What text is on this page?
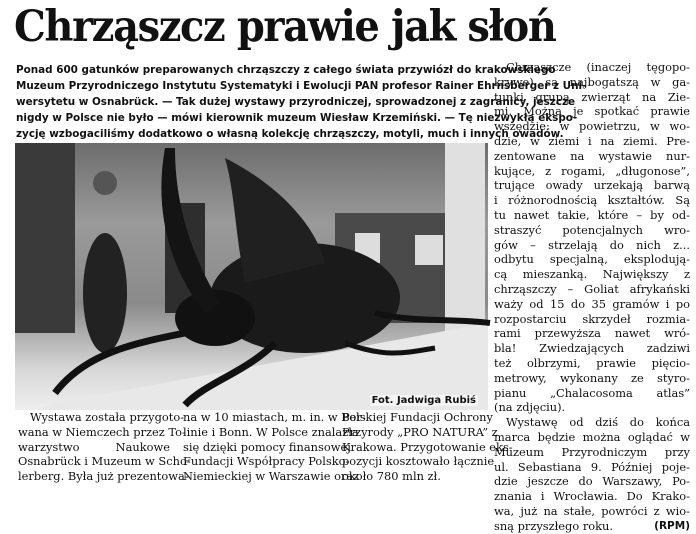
Chrząszcz prawie jak słoń
Ponad 600 gatunków preparowanych chrząszczy z całego świata przywiózł do krakowskiego
Muzeum Przyrodniczego Instytutu Systematyki i Ewolucji PAN profesor Rainer Ehrnsberger z Uni-
wersytetu w Osnabrück. — Tak dużej wystawy przyrodniczej, sprowadzonej z zagranicy, jeszcze
nigdy w Polsce nie było — mówi kierownik muzeum Wiesław Krzemiński. — Tę niezwykłą ekspo-
zycję wzbogaciliśmy dodatkowo o własną kolekcję chrząszczy, motyli, much i innych owadów.
Fot. Jadwiga Rubiś
Chrząszcze (inaczej tęgopo-
krywe) są najbogatszą w ga-
tunki grupą zwierząt na Zie-
mi. Można je spotkać prawie
wszędzie: w powietrzu, w wo-
dzie, w ziemi i na ziemi. Pre-
zentowane na wystawie nur-
kujące, z rogami, „długonose”,
trujące owady urzekają barwą
i różnorodnością kształtów. Są
tu nawet takie, które – by od-
straszyć potencjalnych wro-
gów – strzelają do nich z...
odbytu specjalną, eksplodują-
cą mieszanką. Największy z
chrząszczy – Goliat afrykański
waży od 15 do 35 gramów i po
rozpostarciu skrzydeł rozmia-
rami przewyższa nawet wró-
bla! Zwiedzających zadziwi
też olbrzymi, prawie pięcio-
metrowy, wykonany ze styro-
pianu „Chalacosoma atlas”
(na zdjęciu).
Wystawę od dziś do końca
marca będzie można oglądać w
Muzeum Przyrodniczym przy
ul. Sebastiana 9. Później poje-
dzie jeszcze do Warszawy, Po-
znania i Wrocławia. Do Krako-
wa, już na stałe, powróci z wio-
sną przyszłego roku.	(RPM)
Wystawa została przygoto-
wana w Niemczech przez To-
warzystwo Naukowe
Osnabrück i Muzeum w Scho-
lerberg. Była już prezentowa-
na w 10 miastach, m. in. w Ber-
linie i Bonn. W Polsce znalazła
się dzięki pomocy finansowej
Fundacji Współpracy Polsko-
Niemieckiej w Warszawie oraz
Polskiej Fundacji Ochrony
Przyrody „PRO NATURA” z
Krakowa. Przygotowanie eks-
pozycji kosztowało łącznie
około 780 mln zł.
